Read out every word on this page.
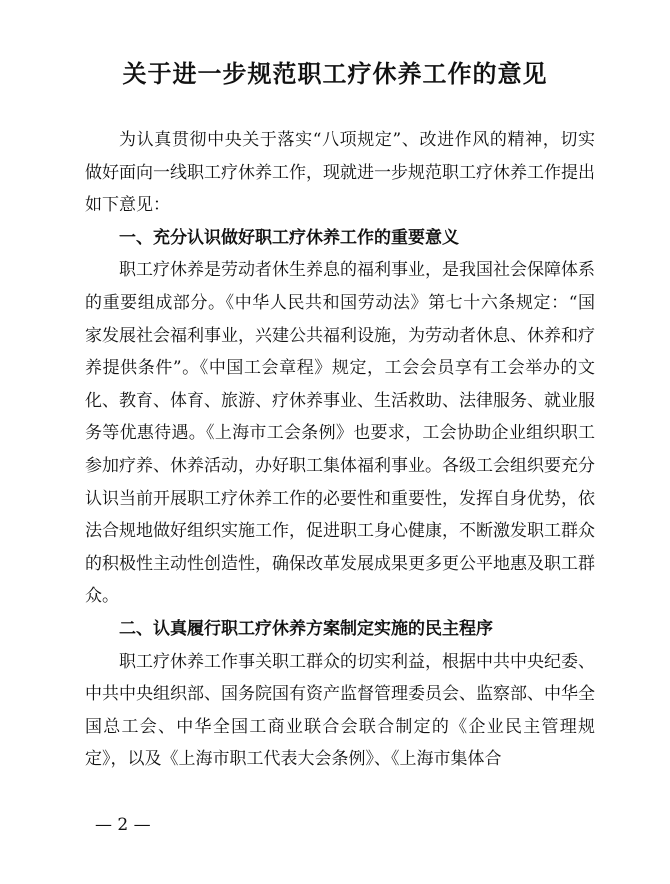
关于进一步规范职工疗休养工作的意见

为认真贯彻中央关于落实“八项规定”、改进作风的精神，切实做好面向一线职工疗休养工作，现就进一步规范职工疗休养工作提出如下意见：

一、充分认识做好职工疗休养工作的重要意义

职工疗休养是劳动者休生养息的福利事业，是我国社会保障体系的重要组成部分。《中华人民共和国劳动法》第七十六条规定：“国家发展社会福利事业，兴建公共福利设施，为劳动者休息、休养和疗养提供条件”。《中国工会章程》规定，工会会员享有工会举办的文化、教育、体育、旅游、疗休养事业、生活救助、法律服务、就业服务等优惠待遇。《上海市工会条例》也要求，工会协助企业组织职工参加疗养、休养活动，办好职工集体福利事业。各级工会组织要充分认识当前开展职工疗休养工作的必要性和重要性，发挥自身优势，依法合规地做好组织实施工作，促进职工身心健康，不断激发职工群众的积极性主动性创造性，确保改革发展成果更多更公平地惠及职工群众。

二、认真履行职工疗休养方案制定实施的民主程序

职工疗休养工作事关职工群众的切实利益，根据中共中央纪委、中共中央组织部、国务院国有资产监督管理委员会、监察部、中华全国总工会、中华全国工商业联合会联合制定的《企业民主管理规定》，以及《上海市职工代表大会条例》、《上海市集体合

— 2 —
